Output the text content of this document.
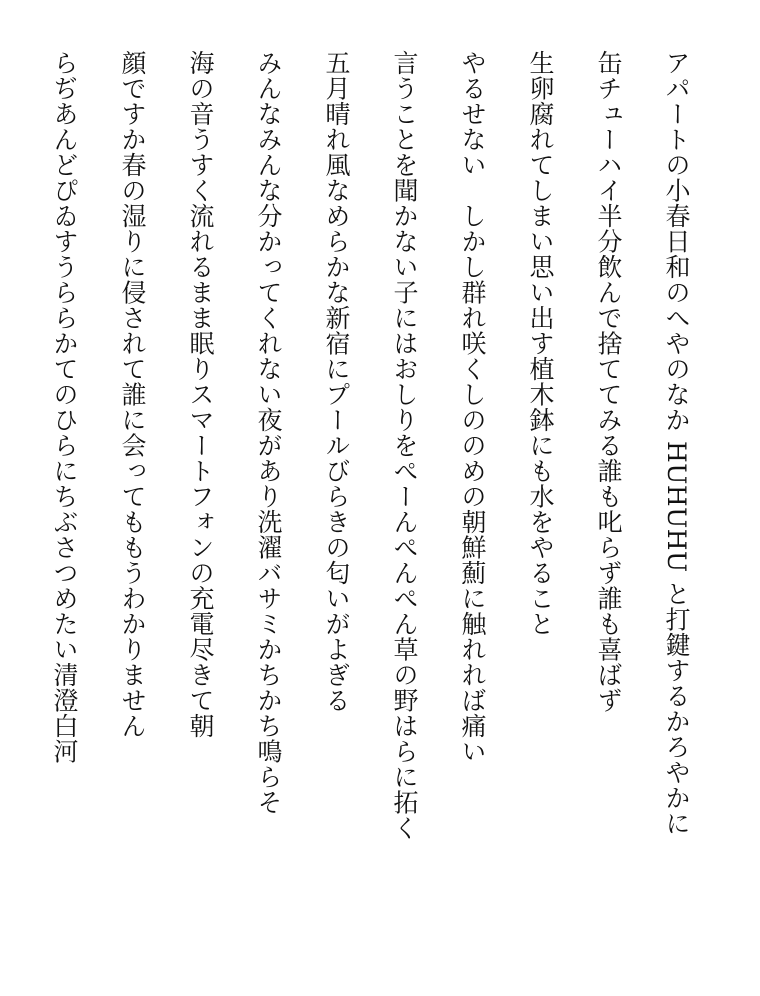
アパートの小春日和のへやのなか HUHUHU と打鍵するかろやかに
缶チューハイ半分飲んで捨ててみる誰も叱らず誰も喜ばず
生卵腐れてしまい思い出す植木鉢にも水をやること
やるせない　しかし群れ咲くしののめの朝鮮薊に触れれば痛い
言うことを聞かない子にはおしりをぺーんぺんぺん草の野はらに拓く
五月晴れ風なめらかな新宿にプールびらきの匂いがよぎる
みんなみんな分かってくれない夜があり洗濯バサミかちかち鳴らそ
海の音うすく流れるまま眠りスマートフォンの充電尽きて朝
顔ですか春の湿りに侵されて誰に会ってももうわかりません
らぢあんどぴゐすうららかてのひらにちぶさつめたい清澄白河
